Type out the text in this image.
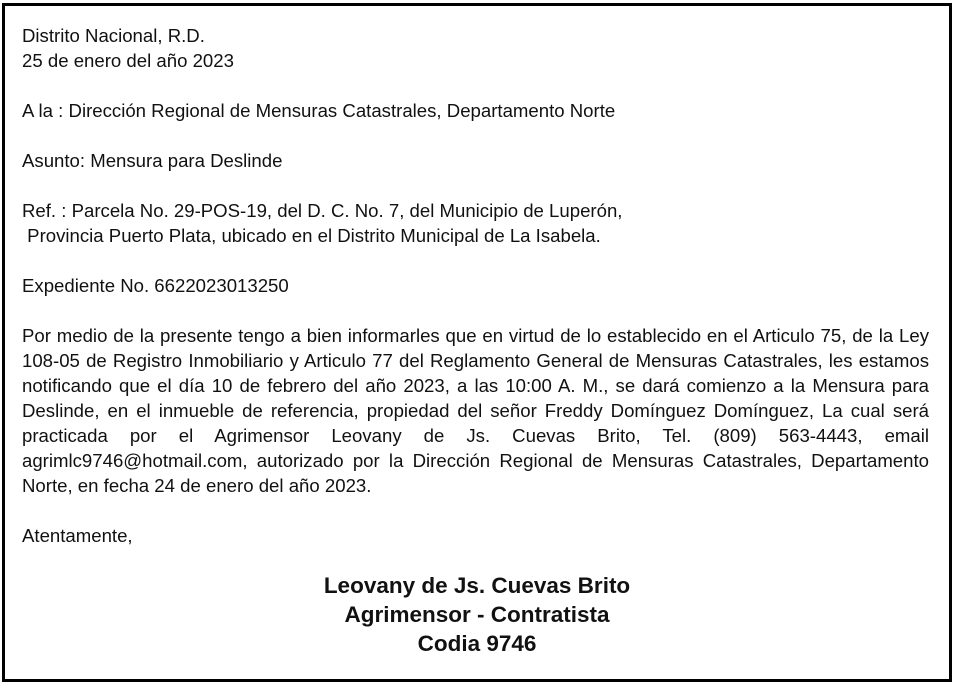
Distrito Nacional, R.D.
25 de enero del año 2023
A la : Dirección Regional de Mensuras Catastrales, Departamento Norte
Asunto: Mensura para Deslinde
Ref. : Parcela No. 29-POS-19, del D. C. No. 7, del Municipio de Luperón,
Provincia Puerto Plata, ubicado en el Distrito Municipal de La Isabela.
Expediente No. 6622023013250

Por medio de la presente tengo a bien informarles que en virtud de lo establecido en el Articulo 75, de la Ley 108-05 de Registro Inmobiliario y Articulo 77 del Reglamento General de Mensuras Catastrales, les estamos notificando que el día 10 de febrero del año 2023, a las 10:00 A. M., se dará comienzo a la Mensura para Deslinde, en el inmueble de referencia, propiedad del señor Freddy Domínguez Domínguez, La cual será practicada por el Agrimensor Leovany de Js. Cuevas Brito, Tel. (809) 563-4443, email agrimlc9746@hotmail.com, autorizado por la Dirección Regional de Mensuras Catastrales, Departamento Norte, en fecha 24 de enero del año 2023.

Atentamente,
Leovany de Js. Cuevas Brito
Agrimensor - Contratista
Codia 9746
